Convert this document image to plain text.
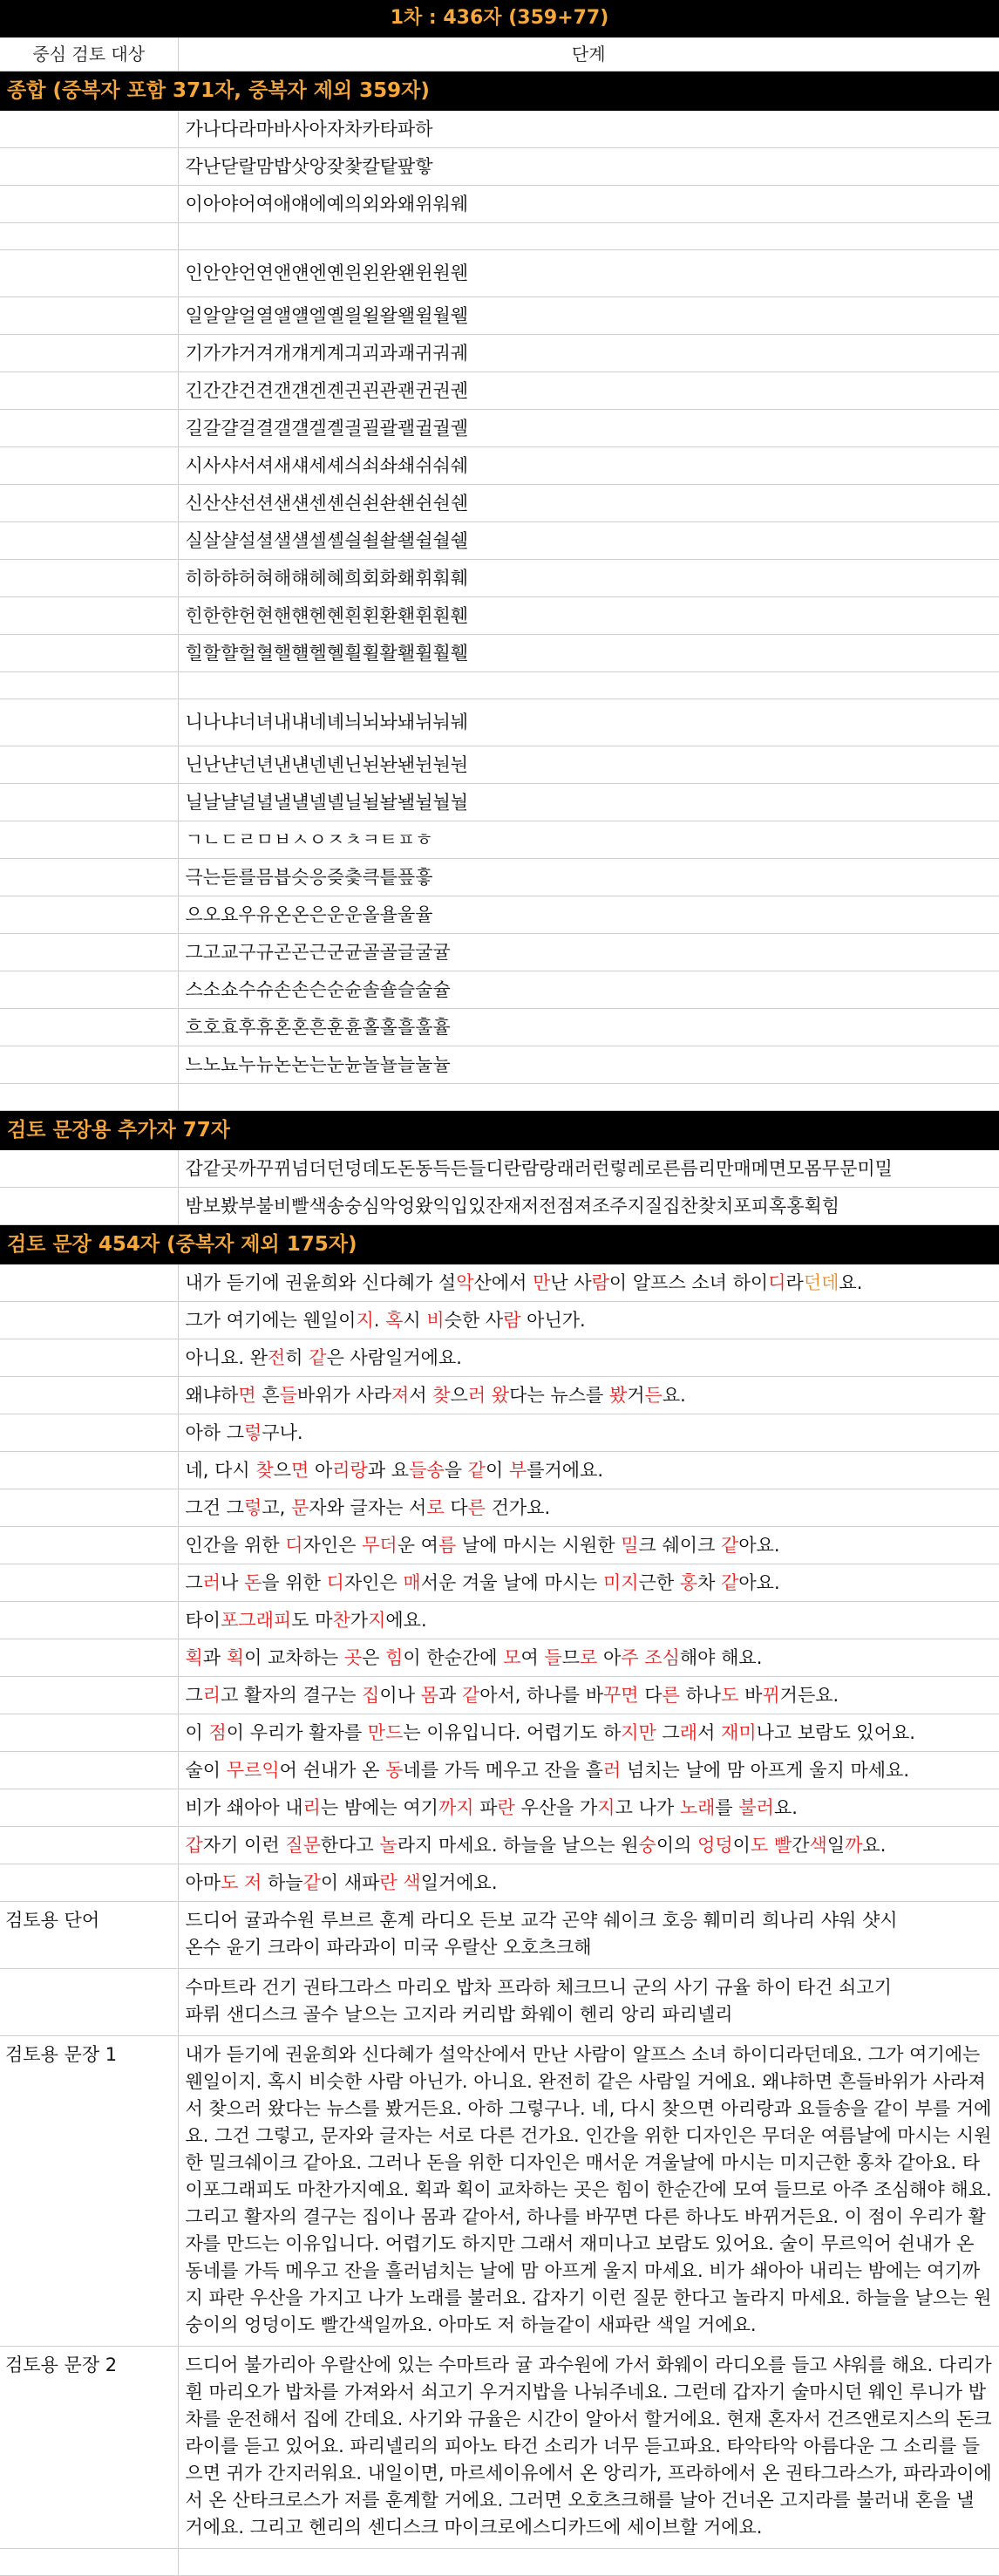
1차 : 436자 (359+77)	
중심 검토 대상	단계
종합 (중복자 포함 371자, 중복자 제외 359자)	
	가나다라마바사아자차카타파하
	각난닫랄맘밥삿앙잦찿칼탙팦핳
	이아야어여애얘에예의외와왜위워웨

	인안얀언연앤얜엔옌읜왼완왠윈원웬
	일알얄얼열앨얠엘옐읠욀왈왤윌월웰
	기가갸거겨개걔게계긔괴과괘귀궈궤
	긴간갼건견갠걘겐곈긘괸관괜귄권궨
	길갈걀걸결갤걜겔곌긜괼괄괠귈궐궬
	시사샤서셔새섀세셰싀쇠솨쇄쉬숴쉐
	신산샨선션샌섄센셴싄쇤솬쇈쉰숸쉔
	실살샬설셜샐섈셀셸싈쇨솰쇌쉴숼쉘
	히하햐허혀해햬헤혜희회화홰휘훠훼
	힌한햔헌현핸햰헨혠흰횐환홴휜훤휀
	힐할햘헐혈핼햴헬혤흴횔활홸휠훨휄

	니나냐너녀내냬네녜늬뇌놔놰뉘눠눼
	닌난냔넌년낸냰넨녠닌뇐놘놴뉜눤눤
	닐날냘널녈낼냴넬녤닐뇔놜놸뉠눨눨
	ㄱㄴㄷㄹㅁㅂㅅㅇㅈㅊㅋㅌㅍㅎ
	극는듣를믐븝슷응즞츷큭틑픞흫
	으오요우유온온은운운올욜울율
	그고교구규곤곤근군균골골글굴귤
	스소쇼수슈손손슨순슌솔숄슬술슐
	흐호효후휴혼혼흔훈휸홀홀흘훌휼
	느노뇨누뉴논논는눈뉸놀뇰늘눌뉼

검토 문장용 추가자 77자	
	갑같곳까꾸뀌넘더던덩데도돈동득든들디란람랑래러런렇레로른름리만매메면모몸무문미밀
	밤보봤부불비빨색송숭심악엉왔익입있잔재저전점져조주지질집찬찾치포피혹홍획힘
검토 문장 454자 (중복자 제외 175자)	
	내가 듣기에 권윤희와 신다혜가 설악산에서 만난 사람이 알프스 소녀 하이디라던데요.
	그가 여기에는 웬일이지. 혹시 비슷한 사람 아닌가.
	아니요. 완전히 같은 사람일거에요.
	왜냐하면 흔들바위가 사라져서 찾으러 왔다는 뉴스를 봤거든요.
	아하 그렇구나.
	네, 다시 찾으면 아리랑과 요들송을 같이 부를거에요.
	그건 그렇고, 문자와 글자는 서로 다른 건가요.
	인간을 위한 디자인은 무더운 여름 날에 마시는 시원한 밀크 쉐이크 같아요.
	그러나 돈을 위한 디자인은 매서운 겨울 날에 마시는 미지근한 홍차 같아요.
	타이포그래피도 마찬가지에요.
	획과 획이 교차하는 곳은 힘이 한순간에 모여 들므로 아주 조심해야 해요.
	그리고 활자의 결구는 집이나 몸과 같아서, 하나를 바꾸면 다른 하나도 바뀌거든요.
	이 점이 우리가 활자를 만드는 이유입니다. 어렵기도 하지만 그래서 재미나고 보람도 있어요.
	술이 무르익어 쉰내가 온 동네를 가득 메우고 잔을 흘러 넘치는 날에 맘 아프게 울지 마세요.
	비가 쇄아아 내리는 밤에는 여기까지 파란 우산을 가지고 나가 노래를 불러요.
	갑자기 이런 질문한다고 놀라지 마세요. 하늘을 날으는 원숭이의 엉덩이도 빨간색일까요.
	아마도 저 하늘같이 새파란 색일거에요.
검토용 단어	드디어 귤과수원 루브르 훈계 라디오 든보 교각 곤약 쉐이크 호응 훼미리 희나리 샤워 샷시
온수 윤기 크라이 파라과이 미국 우랄산 오호츠크해
	수마트라 건기 권타그라스 마리오 밥차 프라하 체크므니 군의 사기 규율 하이 타건 쇠고기
파뤼 샌디스크 골수 날으는 고지라 커리밥 화웨이 헨리 앙리 파리넬리
검토용 문장 1	내가 듣기에 권윤희와 신다혜가 설악산에서 만난 사람이 알프스 소녀 하이디라던데요. 그가 여기에는 웬일이지. 혹시 비슷한 사람 아닌가. 아니요. 완전히 같은 사람일 거에요. 왜냐하면 흔들바위가 사라져서 찾으러 왔다는 뉴스를 봤거든요. 아하 그렇구나. 네, 다시 찾으면 아리랑과 요들송을 같이 부를 거에요. 그건 그렇고, 문자와 글자는 서로 다른 건가요. 인간을 위한 디자인은 무더운 여름날에 마시는 시원한 밀크쉐이크 같아요. 그러나 돈을 위한 디자인은 매서운 겨울날에 마시는 미지근한 홍차 같아요. 타이포그래피도 마찬가지예요. 획과 획이 교차하는 곳은 힘이 한순간에 모여 들므로 아주 조심해야 해요. 그리고 활자의 결구는 집이나 몸과 같아서, 하나를 바꾸면 다른 하나도 바뀌거든요. 이 점이 우리가 활자를 만드는 이유입니다. 어렵기도 하지만 그래서 재미나고 보람도 있어요. 술이 무르익어 쉰내가 온 동네를 가득 메우고 잔을 흘러넘치는 날에 맘 아프게 울지 마세요. 비가 쇄아아 내리는 밤에는 여기까지 파란 우산을 가지고 나가 노래를 불러요. 갑자기 이런 질문 한다고 놀라지 마세요. 하늘을 날으는 원숭이의 엉덩이도 빨간색일까요. 아마도 저 하늘같이 새파란 색일 거에요.
검토용 문장 2	드디어 불가리아 우랄산에 있는 수마트라 귤 과수원에 가서 화웨이 라디오를 들고 샤워를 해요. 다리가 휜 마리오가 밥차를 가져와서 쇠고기 우거지밥을 나눠주네요. 그런데 갑자기 술마시던 웨인 루니가 밥차를 운전해서 집에 간데요. 사기와 규율은 시간이 알아서 할거에요. 현재 혼자서 건즈앤로지스의 돈크라이를 듣고 있어요. 파리넬리의 피아노 타건 소리가 너무 듣고파요. 타악타악 아름다운 그 소리를 들으면 귀가 간지러워요. 내일이면, 마르세이유에서 온 앙리가, 프라하에서 온 권타그라스가, 파라과이에서 온 산타크로스가 저를 훈계할 거에요. 그러면 오호츠크해를 날아 건너온 고지라를 불러내 혼을 낼 거에요. 그리고 헨리의 센디스크 마이크로에스디카드에 세이브할 거에요.
